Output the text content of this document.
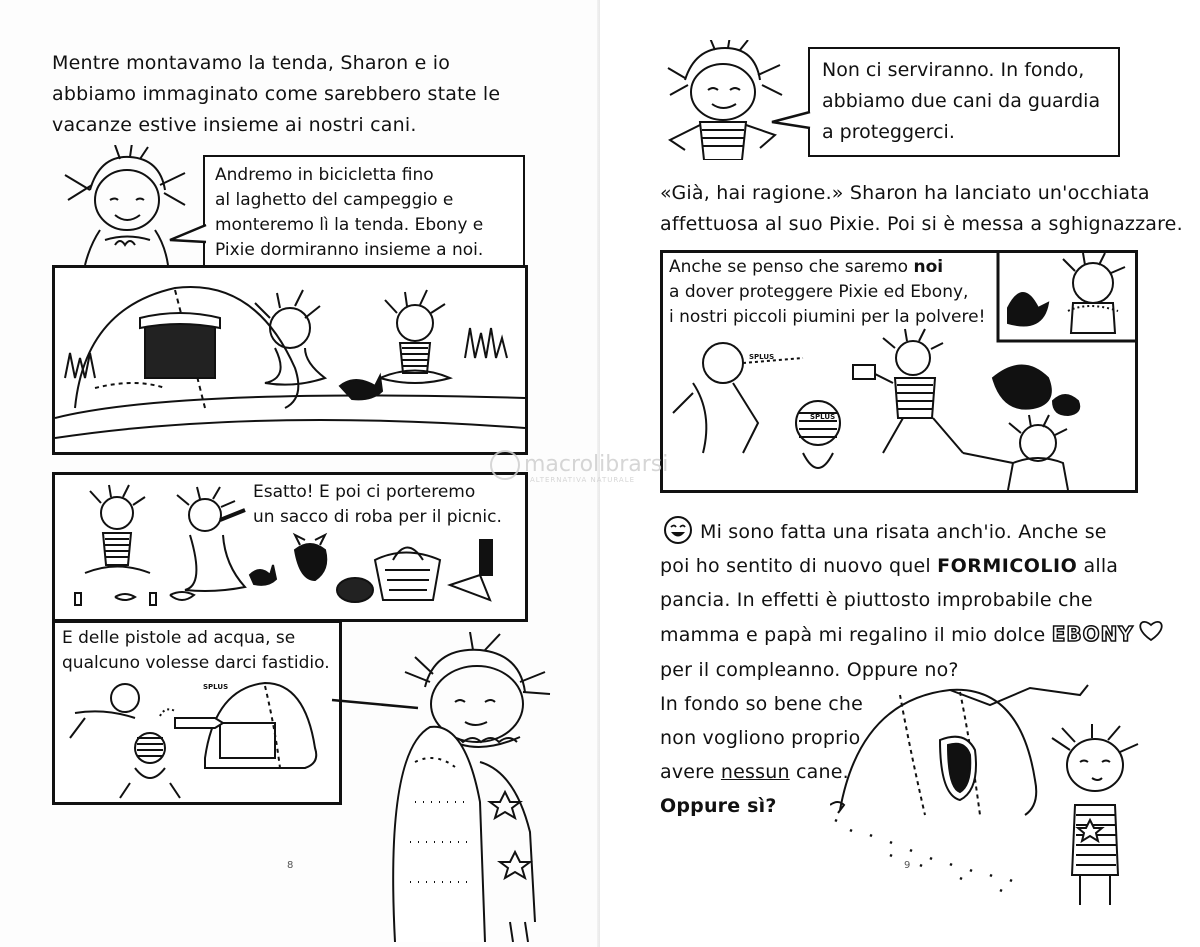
Mentre montavamo la tenda, Sharon e io
abbiamo immaginato come sarebbero state le
vacanze estive insieme ai nostri cani.
Andremo in bicicletta fino
al laghetto del campeggio e
monteremo lì la tenda. Ebony e
Pixie dormiranno insieme a noi.
Esatto! E poi ci porteremo
un sacco di roba per il picnic.
E delle pistole ad acqua, se
qualcuno volesse darci fastidio.
SPLUS
8
Non ci serviranno. In fondo,
abbiamo due cani da guardia
a proteggerci.
«Già, hai ragione.» Sharon ha lanciato un'occhiata
affettuosa al suo Pixie. Poi si è messa a sghignazzare.
Anche se penso che saremo noi
a dover proteggere Pixie ed Ebony,
i nostri piccoli piumini per la polvere!
SPLUS
SPLUS
Mi sono fatta una risata anch'io. Anche se
poi ho sentito di nuovo quel FORMICOLIO alla
pancia. In effetti è piuttosto improbabile che
mamma e papà mi regalino il mio dolce EBONY
per il compleanno. Oppure no?
In fondo so bene che
non vogliono proprio
avere nessun cane.
Oppure sì?
9
macrolibrarsi
ALTERNATIVA NATURALE
